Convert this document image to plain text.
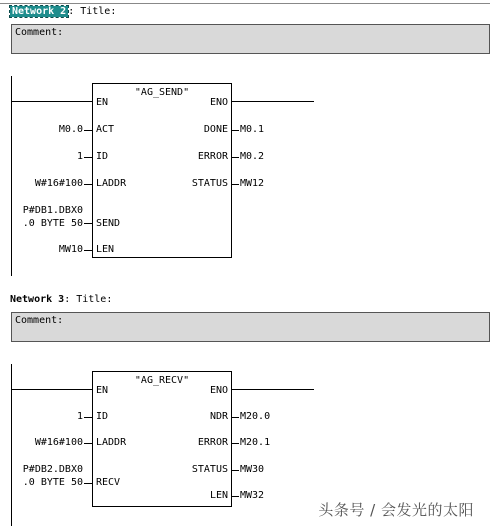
Network 2 : Title:
Comment:
"AG_SEND"
EN	ENO
ACT
ID
LADDR
SEND
LEN
DONE
ERROR
STATUS
M0.0
1
W#16#100
P#DB1.DBX0
.0 BYTE 50
MW10
M0.1
M0.2
MW12
Network 3: Title:
Comment:
"AG_RECV"
EN	ENO
ID
LADDR
RECV
NDR
ERROR
STATUS
LEN
1
W#16#100
P#DB2.DBX0
.0 BYTE 50
M20.0
M20.1
MW30
MW32
头条号 / 会发光的太阳
